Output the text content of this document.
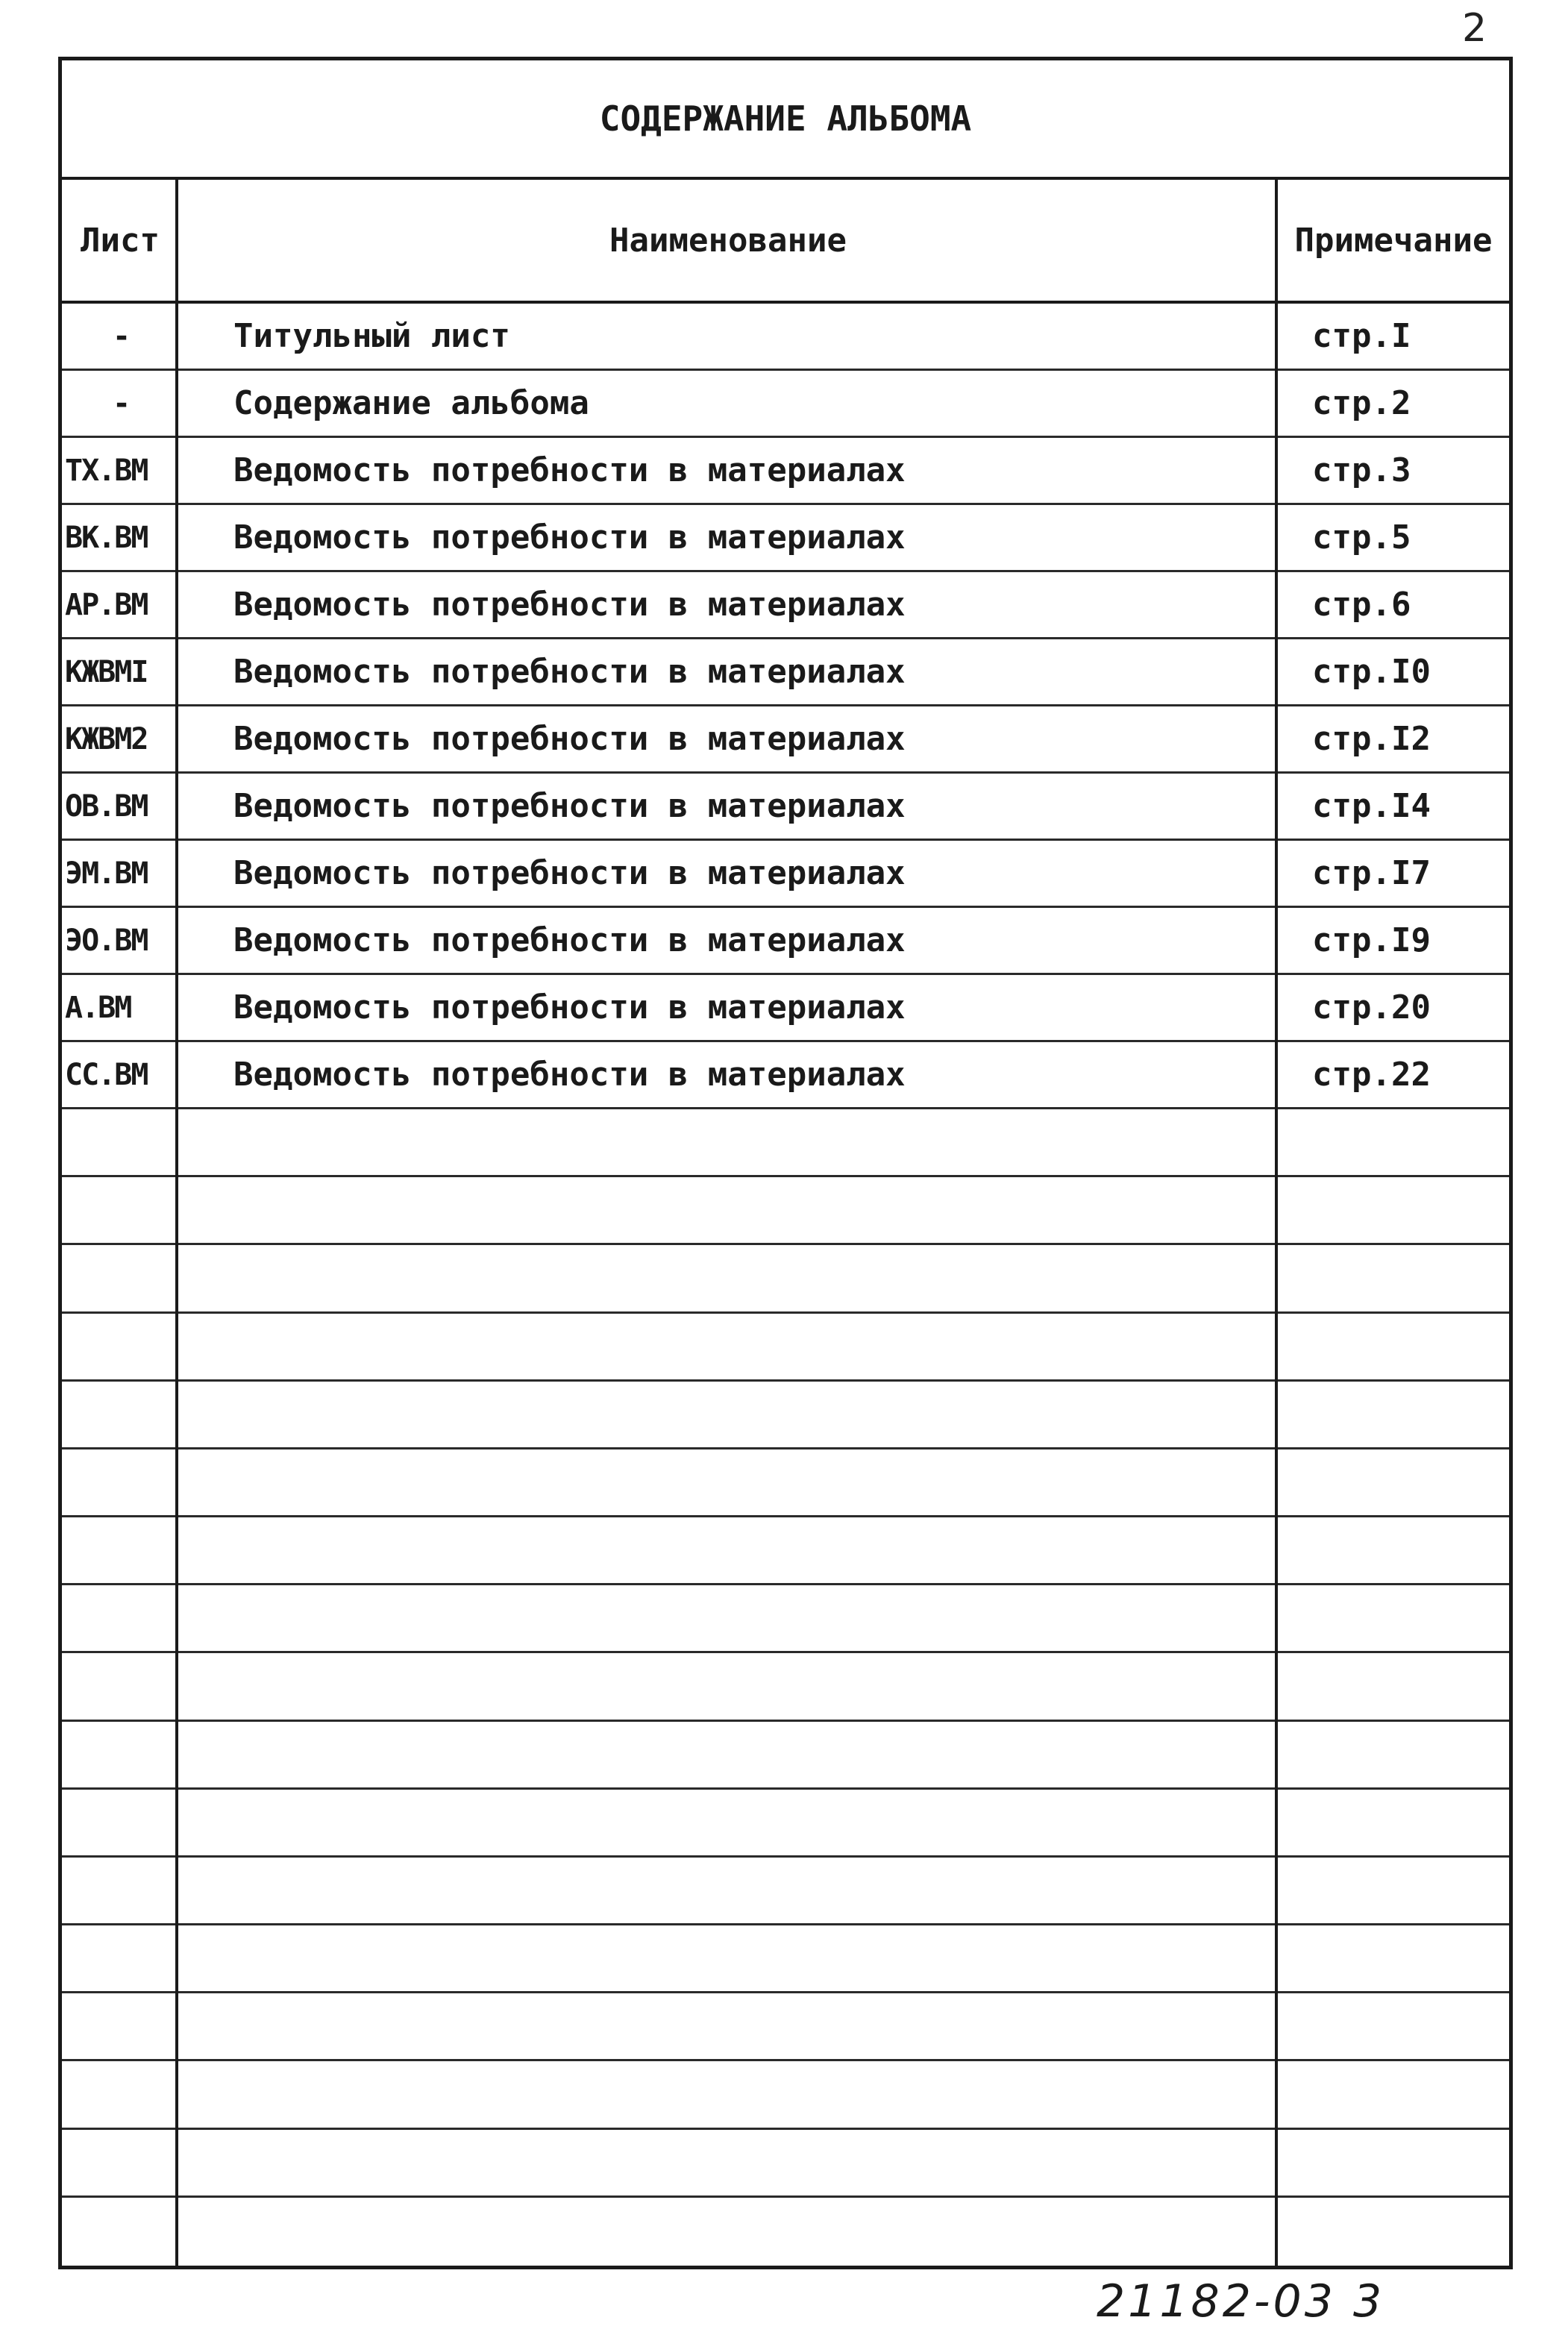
2
СОДЕРЖАНИЕ АЛЬБОМА
Лист	Наименование	Примечание
-	Титульный лист	стр.I
-	Содержание альбома	стр.2
ТХ.ВМ	Ведомость потребности в материалах	стр.3
ВК.ВМ	Ведомость потребности в материалах	стр.5
АР.ВМ	Ведомость потребности в материалах	стр.6
КЖВМI	Ведомость потребности в материалах	стр.I0
КЖВМ2	Ведомость потребности в материалах	стр.I2
ОВ.ВМ	Ведомость потребности в материалах	стр.I4
ЭМ.ВМ	Ведомость потребности в материалах	стр.I7
ЭО.ВМ	Ведомость потребности в материалах	стр.I9
А.ВМ	Ведомость потребности в материалах	стр.20
СС.ВМ	Ведомость потребности в материалах	стр.22
21182-03 3
